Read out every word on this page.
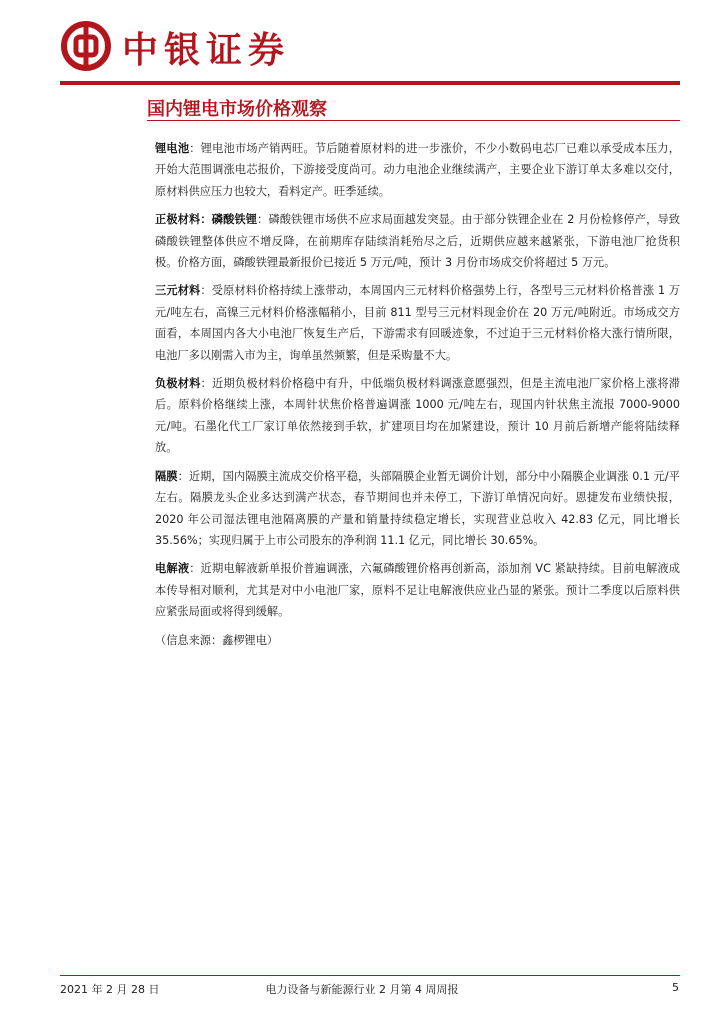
中银证券
国内锂电市场价格观察

锂电池：锂电池市场产销两旺。节后随着原材料的进一步涨价，不少小数码电芯厂已难以承受成本压力，开始大范围调涨电芯报价，下游接受度尚可。动力电池企业继续满产，主要企业下游订单太多难以交付，原材料供应压力也较大，看料定产。旺季延续。

正极材料：磷酸铁锂：磷酸铁锂市场供不应求局面越发突显。由于部分铁锂企业在 2 月份检修停产，导致磷酸铁锂整体供应不增反降，在前期库存陆续消耗殆尽之后，近期供应越来越紧张，下游电池厂抢货积极。价格方面，磷酸铁锂最新报价已接近 5 万元/吨，预计 3 月份市场成交价将超过 5 万元。

三元材料：受原材料价格持续上涨带动，本周国内三元材料价格强势上行，各型号三元材料价格普涨 1 万元/吨左右，高镍三元材料价格涨幅稍小，目前 811 型号三元材料现金价在 20 万元/吨附近。市场成交方面看，本周国内各大小电池厂恢复生产后，下游需求有回暖迹象，不过迫于三元材料价格大涨行情所限，电池厂多以刚需入市为主，询单虽然频繁，但是采购量不大。

负极材料：近期负极材料价格稳中有升，中低端负极材料调涨意愿强烈，但是主流电池厂家价格上涨将滞后。原料价格继续上涨，本周针状焦价格普遍调涨 1000 元/吨左右，现国内针状焦主流报 7000-9000 元/吨。石墨化代工厂家订单依然接到手软，扩建项目均在加紧建设，预计 10 月前后新增产能将陆续释放。

隔膜：近期，国内隔膜主流成交价格平稳，头部隔膜企业暂无调价计划，部分中小隔膜企业调涨 0.1 元/平左右。隔膜龙头企业多达到满产状态，春节期间也并未停工，下游订单情况向好。恩捷发布业绩快报，2020 年公司湿法锂电池隔离膜的产量和销量持续稳定增长，实现营业总收入 42.83 亿元，同比增长 35.56%；实现归属于上市公司股东的净利润 11.1 亿元，同比增长 30.65%。

电解液：近期电解液新单报价普遍调涨，六氟磷酸锂价格再创新高，添加剂 VC 紧缺持续。目前电解液成本传导相对顺利，尤其是对中小电池厂家，原料不足让电解液供应业凸显的紧张。预计二季度以后原料供应紧张局面或将得到缓解。

（信息来源：鑫椤锂电）
2021 年 2 月 28 日	电力设备与新能源行业 2 月第 4 周周报	5
